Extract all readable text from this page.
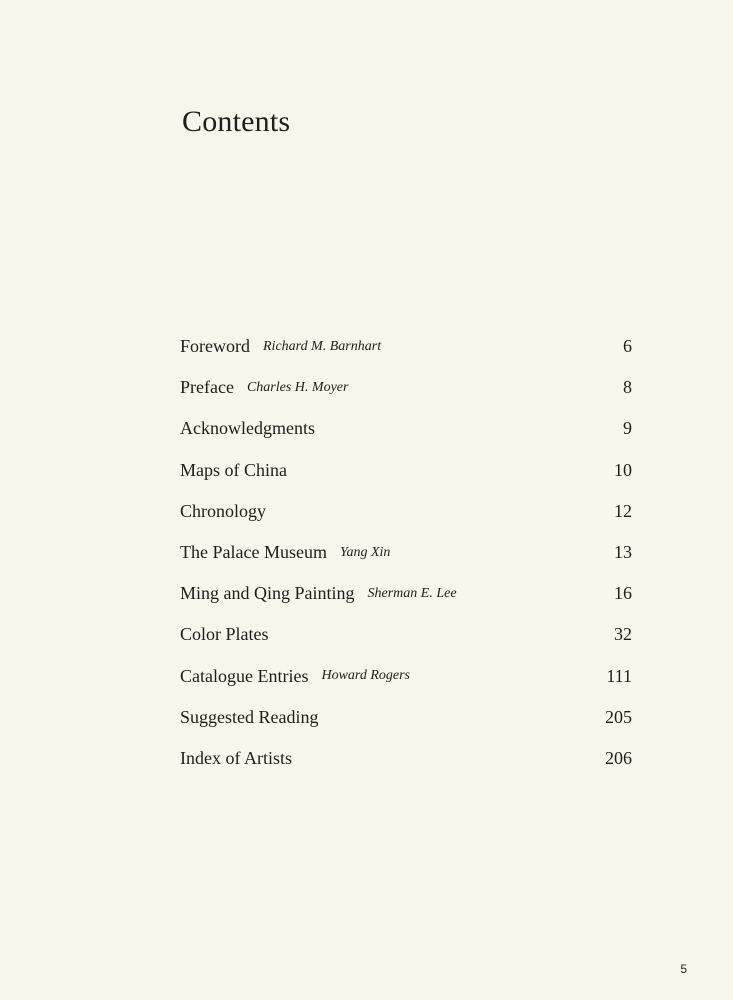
Contents
Foreword Richard M. Barnhart	6
Preface Charles H. Moyer	8
Acknowledgments	9
Maps of China	10
Chronology	12
The Palace Museum Yang Xin	13
Ming and Qing Painting Sherman E. Lee	16
Color Plates	32
Catalogue Entries Howard Rogers	111
Suggested Reading	205
Index of Artists	206
5
